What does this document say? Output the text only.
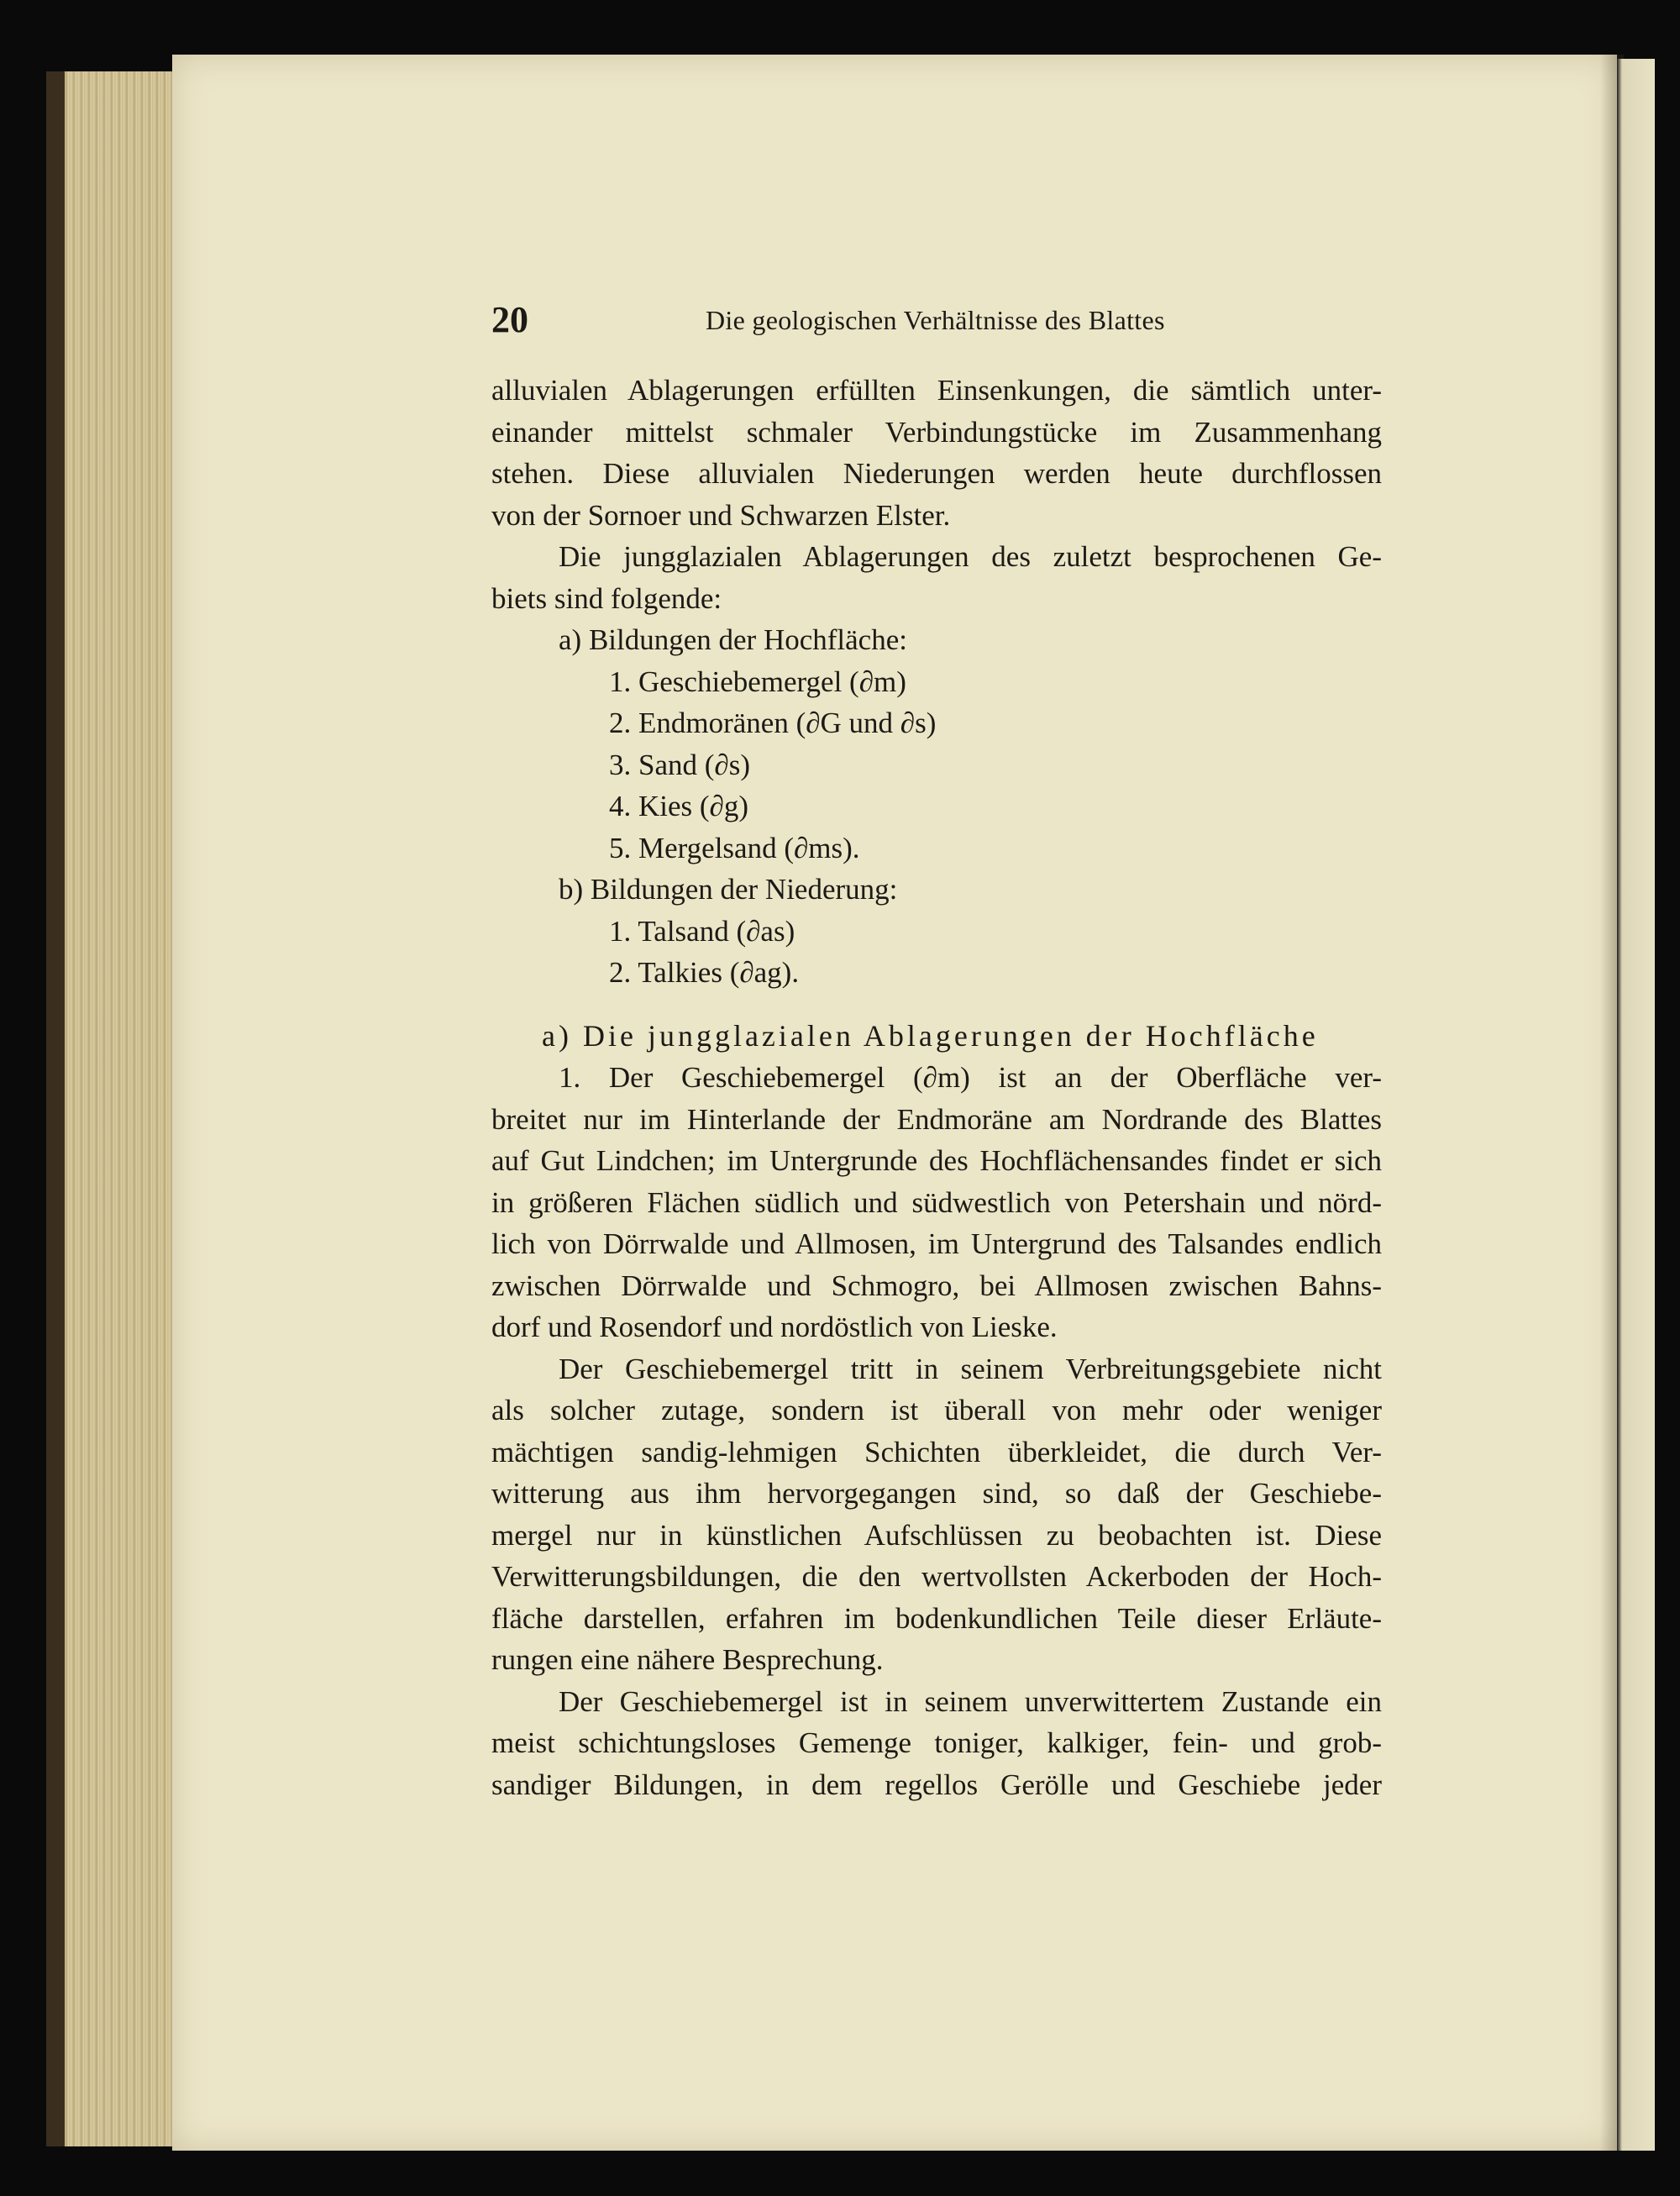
20	Die geologischen Verhältnisse des Blattes
alluvialen Ablagerungen erfüllten Einsenkungen, die sämtlich unter-
einander mittelst schmaler Verbindungstücke im Zusammenhang
stehen. Diese alluvialen Niederungen werden heute durchflossen
von der Sornoer und Schwarzen Elster.
Die jungglazialen Ablagerungen des zuletzt besprochenen Ge-
biets sind folgende:
a) Bildungen der Hochfläche:
1. Geschiebemergel (∂m)
2. Endmoränen (∂G und ∂s)
3. Sand (∂s)
4. Kies (∂g)
5. Mergelsand (∂ms).
b) Bildungen der Niederung:
1. Talsand (∂as)
2. Talkies (∂ag).
a) Die jungglazialen Ablagerungen der Hochfläche
1. Der Geschiebemergel (∂m) ist an der Oberfläche ver-
breitet nur im Hinterlande der Endmoräne am Nordrande des Blattes
auf Gut Lindchen; im Untergrunde des Hochflächensandes findet er sich
in größeren Flächen südlich und südwestlich von Petershain und nörd-
lich von Dörrwalde und Allmosen, im Untergrund des Talsandes endlich
zwischen Dörrwalde und Schmogro, bei Allmosen zwischen Bahns-
dorf und Rosendorf und nordöstlich von Lieske.
Der Geschiebemergel tritt in seinem Verbreitungsgebiete nicht
als solcher zutage, sondern ist überall von mehr oder weniger
mächtigen sandig-lehmigen Schichten überkleidet, die durch Ver-
witterung aus ihm hervorgegangen sind, so daß der Geschiebe-
mergel nur in künstlichen Aufschlüssen zu beobachten ist. Diese
Verwitterungsbildungen, die den wertvollsten Ackerboden der Hoch-
fläche darstellen, erfahren im bodenkundlichen Teile dieser Erläute-
rungen eine nähere Besprechung.
Der Geschiebemergel ist in seinem unverwittertem Zustande ein
meist schichtungsloses Gemenge toniger, kalkiger, fein- und grob-
sandiger Bildungen, in dem regellos Gerölle und Geschiebe jeder
